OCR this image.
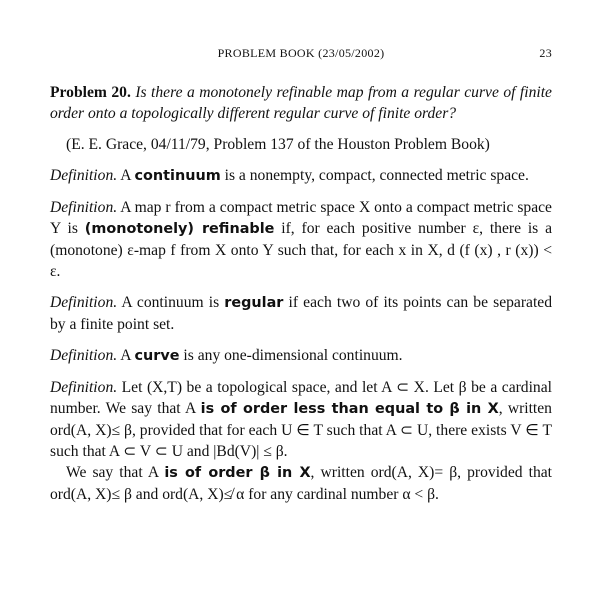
PROBLEM BOOK (23/05/2002)	23

Problem 20. Is there a monotonely refinable map from a regular curve of finite order onto a topologically different regular curve of finite order?

(E. E. Grace, 04/11/79, Problem 137 of the Houston Problem Book)

Definition. A continuum is a nonempty, compact, connected metric space.

Definition. A map r from a compact metric space X onto a compact metric space Y is (monotonely) refinable if, for each positive number ε, there is a (monotone) ε-map f from X onto Y such that, for each x in X, d (f (x) , r (x)) < ε.

Definition. A continuum is regular if each two of its points can be separated by a finite point set.

Definition. A curve is any one-dimensional continuum.

Definition. Let (X,T) be a topological space, and let A ⊂ X. Let β be a cardinal number. We say that A is of order less than equal to β in X, written ord(A, X)≤ β, provided that for each U ∈ T such that A ⊂ U, there exists V ∈ T such that A ⊂ V ⊂ U and |Bd(V)| ≤ β.

We say that A is of order β in X, written ord(A, X)= β, provided that ord(A, X)≤ β and ord(A, X)≰ α for any cardinal number α < β.
